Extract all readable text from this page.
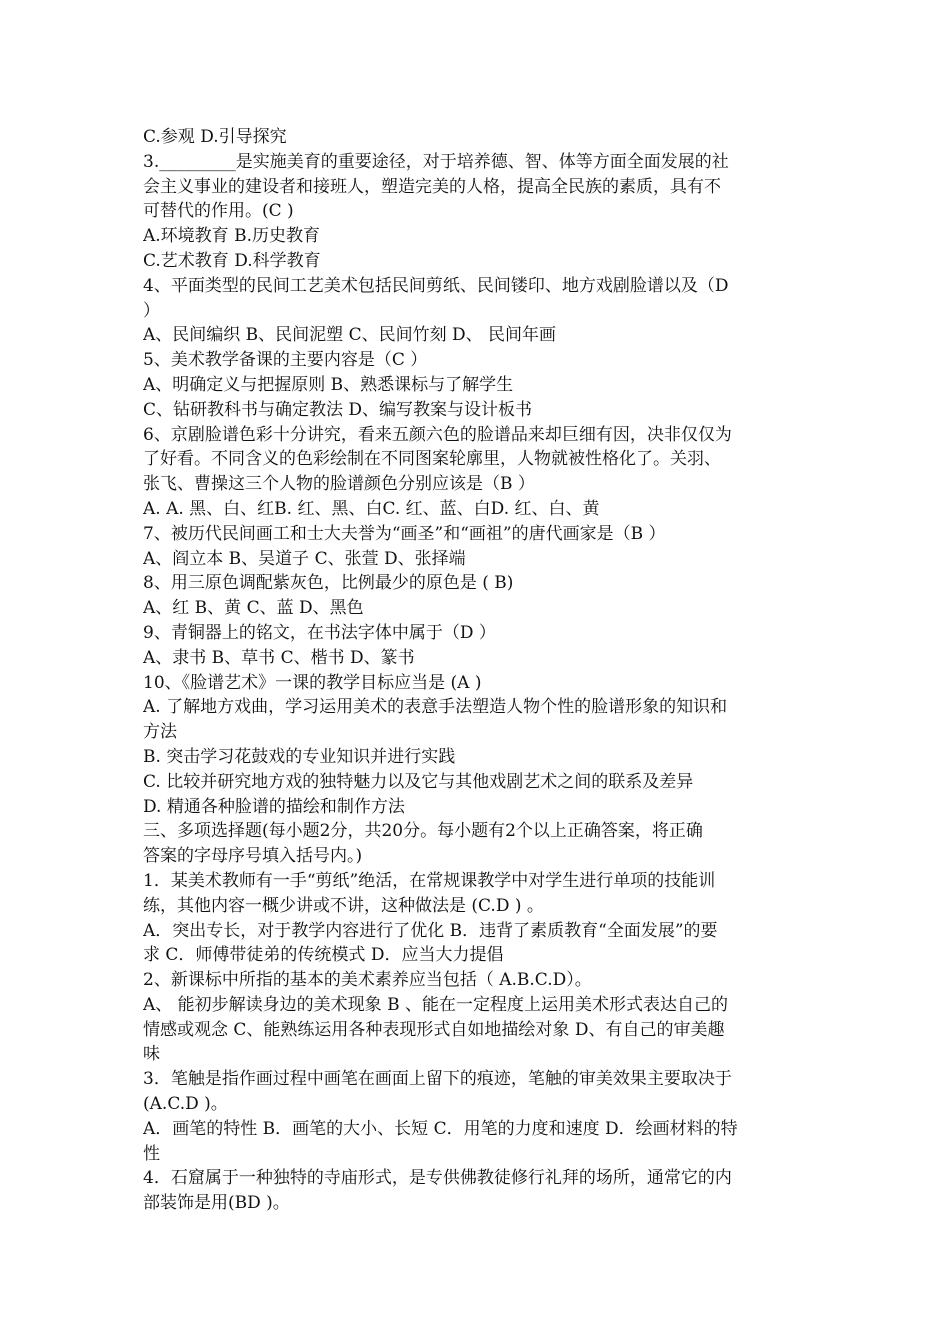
C.参观 D.引导探究
3._________是实施美育的重要途径，对于培养德、智、体等方面全面发展的社
会主义事业的建设者和接班人，塑造完美的人格，提高全民族的素质，具有不
可替代的作用。(C )
A.环境教育 B.历史教育
C.艺术教育 D.科学教育
4、平面类型的民间工艺美术包括民间剪纸、民间镂印、地方戏剧脸谱以及（D
）
A、民间编织 B、民间泥塑 C、民间竹刻 D、 民间年画
5、美术教学备课的主要内容是（C ）
A、明确定义与把握原则 B、熟悉课标与了解学生
C、钻研教科书与确定教法 D、编写教案与设计板书
6、京剧脸谱色彩十分讲究，看来五颜六色的脸谱品来却巨细有因，决非仅仅为
了好看。不同含义的色彩绘制在不同图案轮廓里，人物就被性格化了。关羽、
张飞、曹操这三个人物的脸谱颜色分别应该是（B ）
A. A. 黑、白、红B. 红、黑、白C. 红、蓝、白D. 红、白、黄
7、被历代民间画工和士大夫誉为“画圣”和“画祖”的唐代画家是（B ）
A、阎立本 B、吴道子 C、张萱 D、张择端
8、用三原色调配紫灰色，比例最少的原色是 ( B)
A、红 B、黄 C、蓝 D、黑色
9、青铜器上的铭文，在书法字体中属于（D ）
A、隶书 B、草书 C、楷书 D、篆书
10、《脸谱艺术》一课的教学目标应当是 (A )
A. 了解地方戏曲，学习运用美术的表意手法塑造人物个性的脸谱形象的知识和
方法
B. 突击学习花鼓戏的专业知识并进行实践
C. 比较并研究地方戏的独特魅力以及它与其他戏剧艺术之间的联系及差异
D. 精通各种脸谱的描绘和制作方法
三、多项选择题(每小题2分，共20分。每小题有2个以上正确答案，将正确
答案的字母序号填入括号内。)
1．某美术教师有一手“剪纸”绝活，在常规课教学中对学生进行单项的技能训
练，其他内容一概少讲或不讲，这种做法是 (C.D ) 。
A．突出专长，对于教学内容进行了优化 B．违背了素质教育“全面发展”的要
求 C．师傅带徒弟的传统模式 D．应当大力提倡
2、新课标中所指的基本的美术素养应当包括（ A.B.C.D）。
A、 能初步解读身边的美术现象 B 、能在一定程度上运用美术形式表达自己的
情感或观念 C、能熟练运用各种表现形式自如地描绘对象 D、有自己的审美趣
味
3．笔触是指作画过程中画笔在画面上留下的痕迹，笔触的审美效果主要取决于
(A.C.D )。
A．画笔的特性 B．画笔的大小、长短 C．用笔的力度和速度 D．绘画材料的特
性
4．石窟属于一种独特的寺庙形式，是专供佛教徒修行礼拜的场所，通常它的内
部装饰是用(BD )。
